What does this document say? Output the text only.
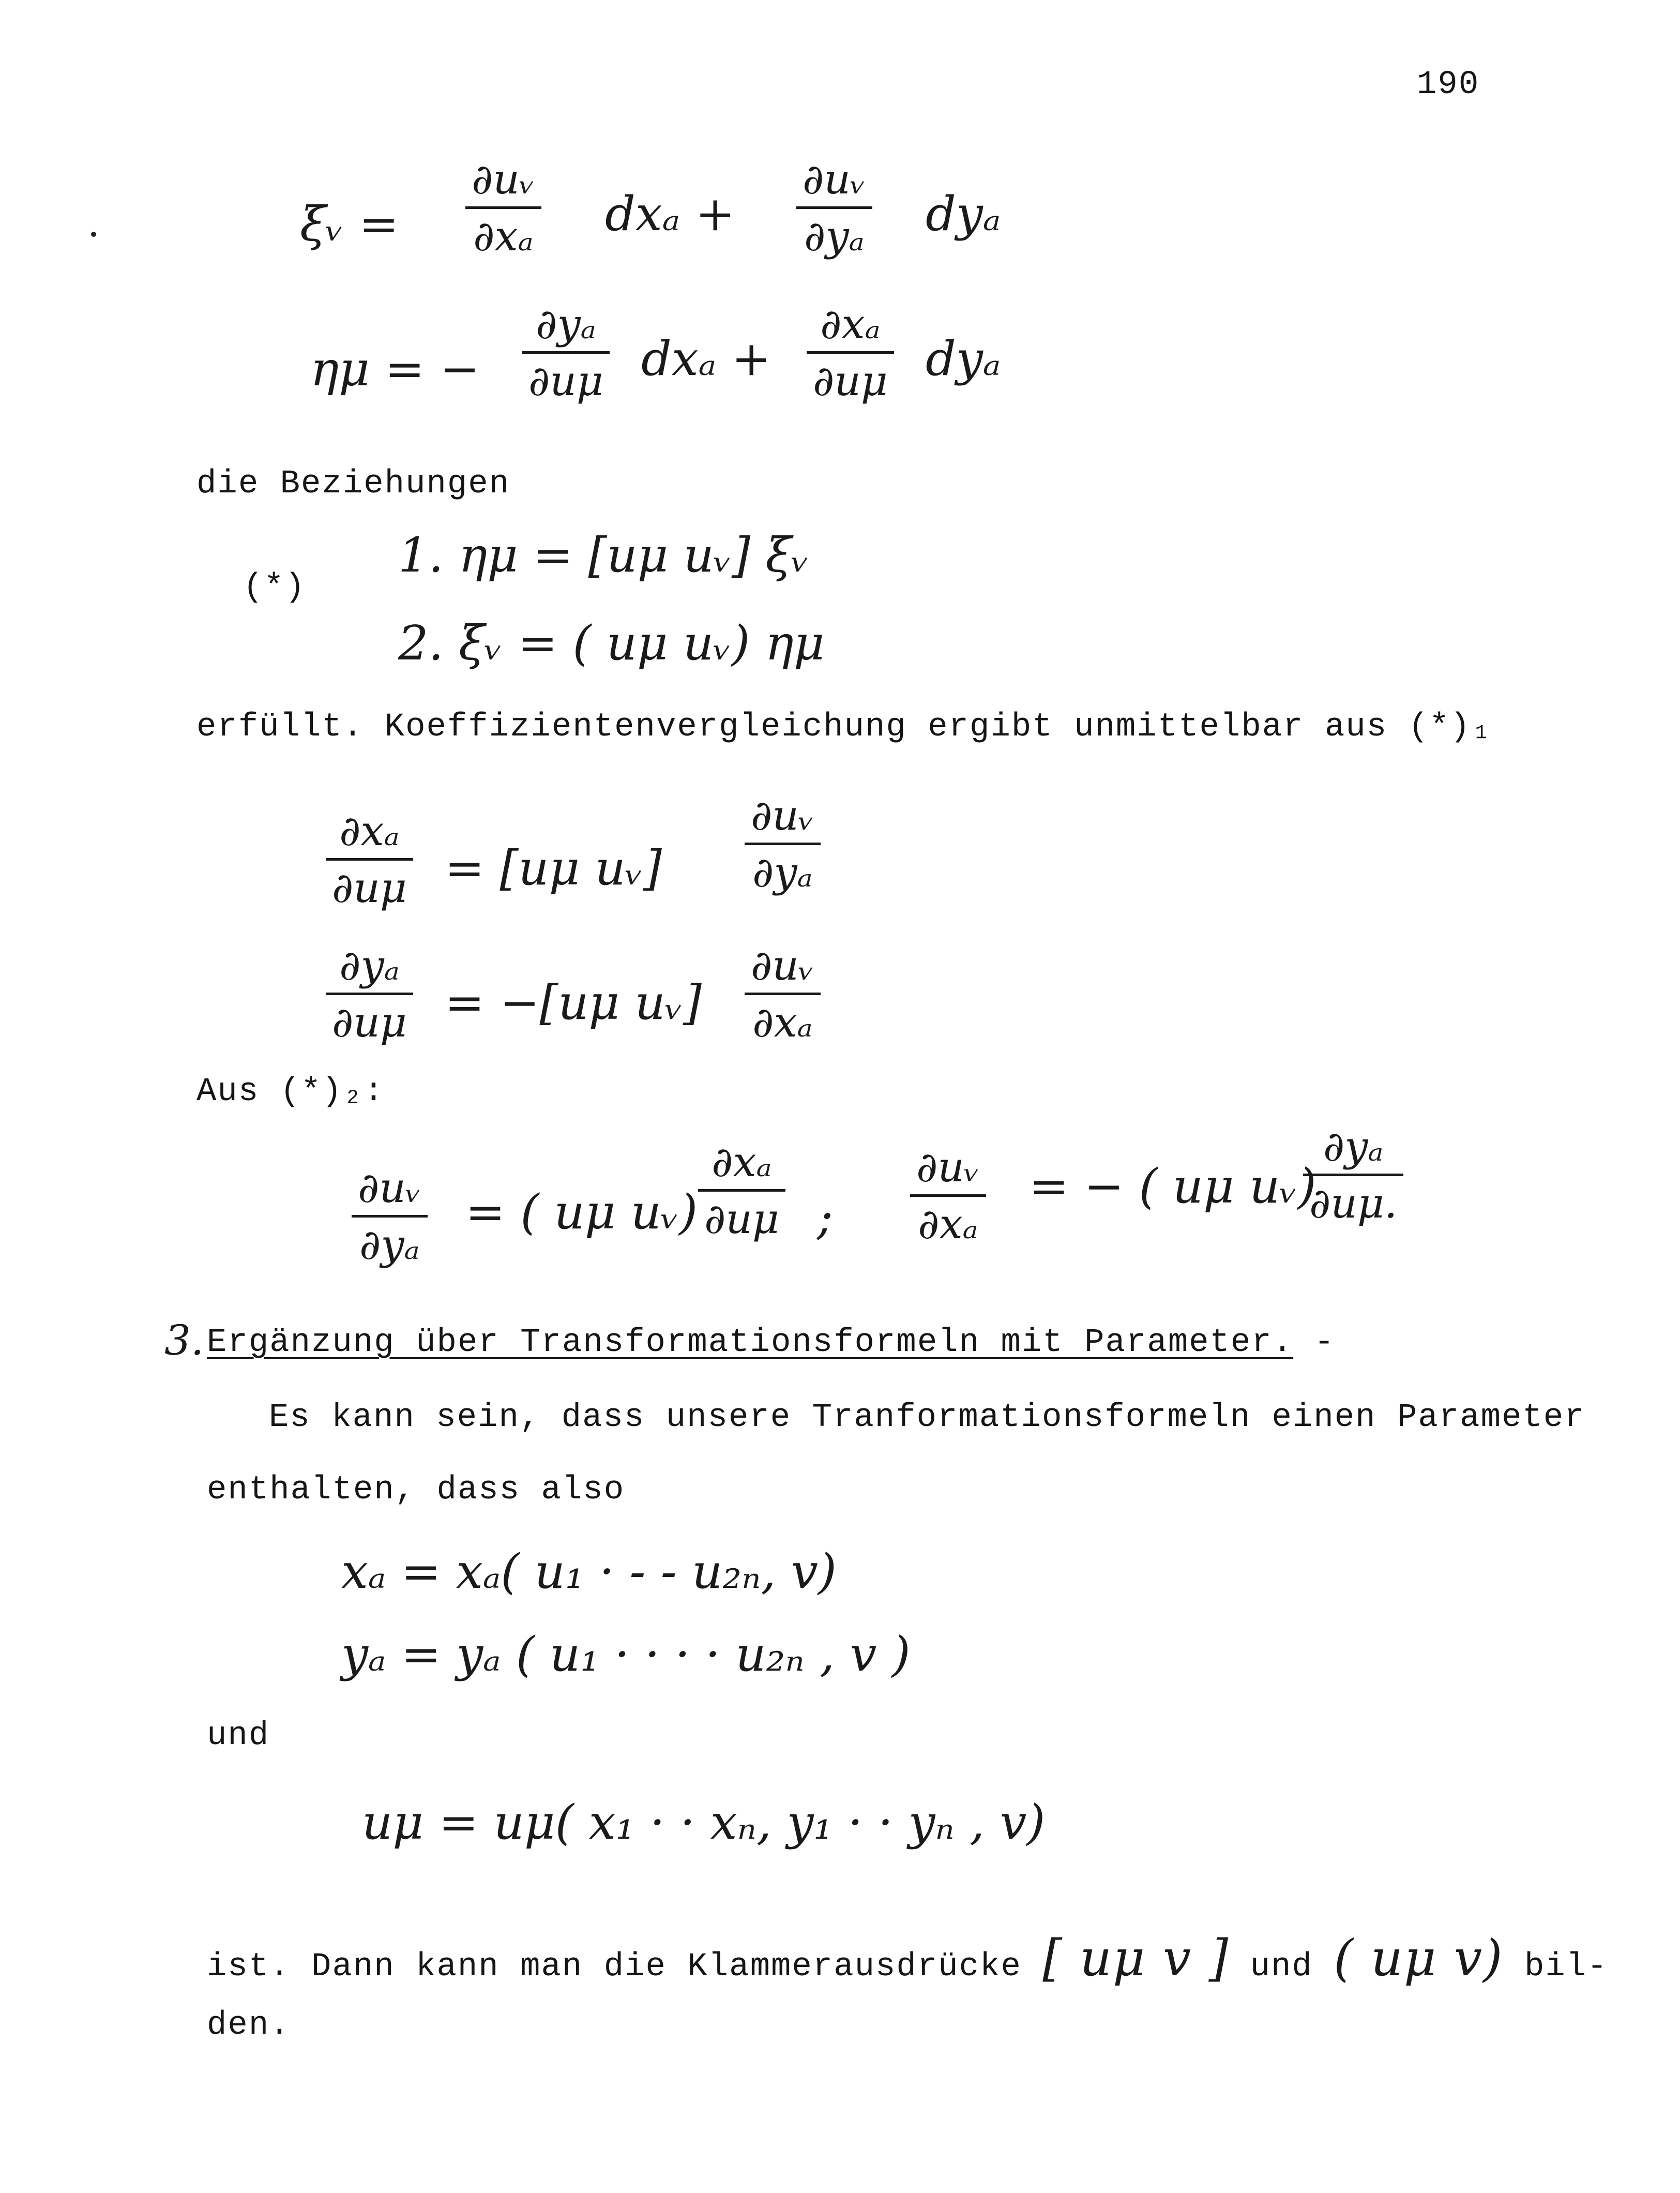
190
ξᵥ =
∂uᵥ
∂xₐ dxₐ +
∂uᵥ
∂yₐ dyₐ
ημ = −
∂yₐ
∂uμ dxₐ +
∂xₐ
∂uμ dyₐ
die Beziehungen
(*)
1. ημ = [uμ uᵥ] ξᵥ
2. ξᵥ = ( uμ uᵥ) ημ
erfüllt. Koeffizientenvergleichung ergibt unmittelbar aus (*)₁
∂xₐ
∂uμ = [uμ uᵥ]
∂uᵥ
∂yₐ
∂yₐ
∂uμ = −[uμ uᵥ]
∂uᵥ
∂xₐ
Aus (*)₂:
∂uᵥ
∂yₐ
= ( uμ uᵥ)
∂xₐ
∂uμ ;
∂uᵥ
∂xₐ
= − ( uμ uᵥ)
∂yₐ
∂uμ.
3. Ergänzung über Transformationsformeln mit Parameter. -
Es kann sein, dass unsere Tranformationsformeln einen Parameter
enthalten, dass also
xₐ = xₐ( u₁ · - - u₂ₙ, v)
yₐ = yₐ ( u₁ · · · · u₂ₙ , v )
und
uμ = uμ( x₁ · · xₙ, y₁ · · yₙ , v)
ist. Dann kann man die Klammerausdrücke [ uμ v ] und ( uμ v) bil-
den.
